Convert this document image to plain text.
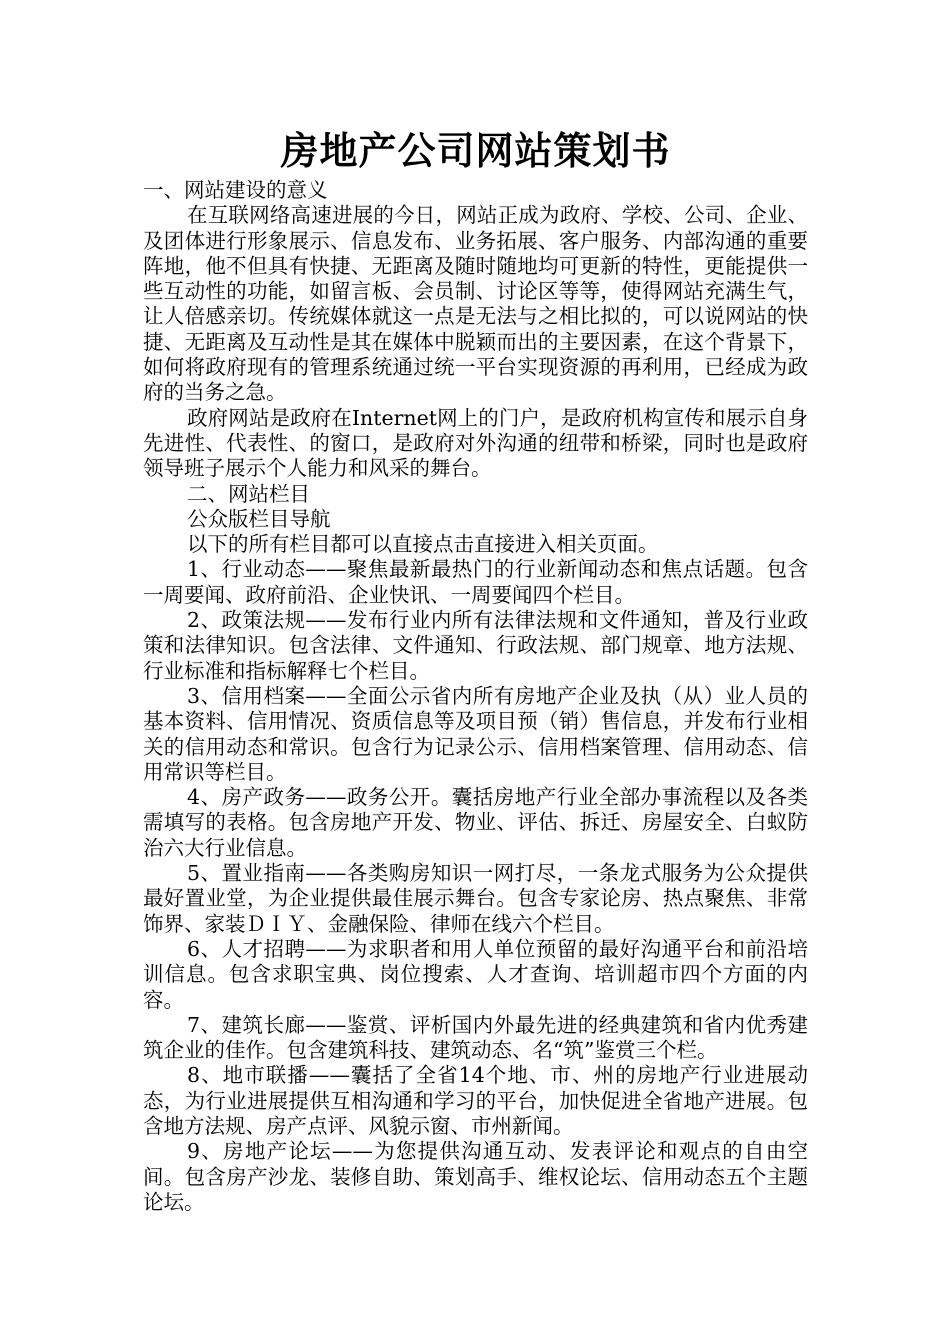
房地产公司网站策划书

一、网站建设的意义

在互联网络高速进展的今日，网站正成为政府、学校、公司、企业、及团体进行形象展示、信息发布、业务拓展、客户服务、内部沟通的重要阵地，他不但具有快捷、无距离及随时随地均可更新的特性，更能提供一些互动性的功能，如留言板、会员制、讨论区等等，使得网站充满生气，让人倍感亲切。传统媒体就这一点是无法与之相比拟的，可以说网站的快捷、无距离及互动性是其在媒体中脱颖而出的主要因素，在这个背景下，如何将政府现有的管理系统通过统一平台实现资源的再利用，已经成为政府的当务之急。

政府网站是政府在Internet网上的门户，是政府机构宣传和展示自身先进性、代表性、的窗口，是政府对外沟通的纽带和桥梁，同时也是政府领导班子展示个人能力和风采的舞台。

二、网站栏目

公众版栏目导航

以下的所有栏目都可以直接点击直接进入相关页面。

1、行业动态——聚焦最新最热门的行业新闻动态和焦点话题。包含一周要闻、政府前沿、企业快讯、一周要闻四个栏目。

2、政策法规——发布行业内所有法律法规和文件通知，普及行业政策和法律知识。包含法律、文件通知、行政法规、部门规章、地方法规、行业标准和指标解释七个栏目。

3、信用档案——全面公示省内所有房地产企业及执（从）业人员的基本资料、信用情况、资质信息等及项目预（销）售信息，并发布行业相关的信用动态和常识。包含行为记录公示、信用档案管理、信用动态、信用常识等栏目。

4、房产政务——政务公开。囊括房地产行业全部办事流程以及各类需填写的表格。包含房地产开发、物业、评估、拆迁、房屋安全、白蚁防治六大行业信息。

5、置业指南——各类购房知识一网打尽，一条龙式服务为公众提供最好置业堂，为企业提供最佳展示舞台。包含专家论房、热点聚焦、非常饰界、家装ＤＩＹ、金融保险、律师在线六个栏目。

6、人才招聘——为求职者和用人单位预留的最好沟通平台和前沿培训信息。包含求职宝典、岗位搜索、人才查询、培训超市四个方面的内容。

7、建筑长廊——鉴赏、评析国内外最先进的经典建筑和省内优秀建筑企业的佳作。包含建筑科技、建筑动态、名“筑”鉴赏三个栏。

8、地市联播——囊括了全省14个地、市、州的房地产行业进展动态，为行业进展提供互相沟通和学习的平台，加快促进全省地产进展。包含地方法规、房产点评、风貌示窗、市州新闻。

9、房地产论坛——为您提供沟通互动、发表评论和观点的自由空间。包含房产沙龙、装修自助、策划高手、维权论坛、信用动态五个主题论坛。
